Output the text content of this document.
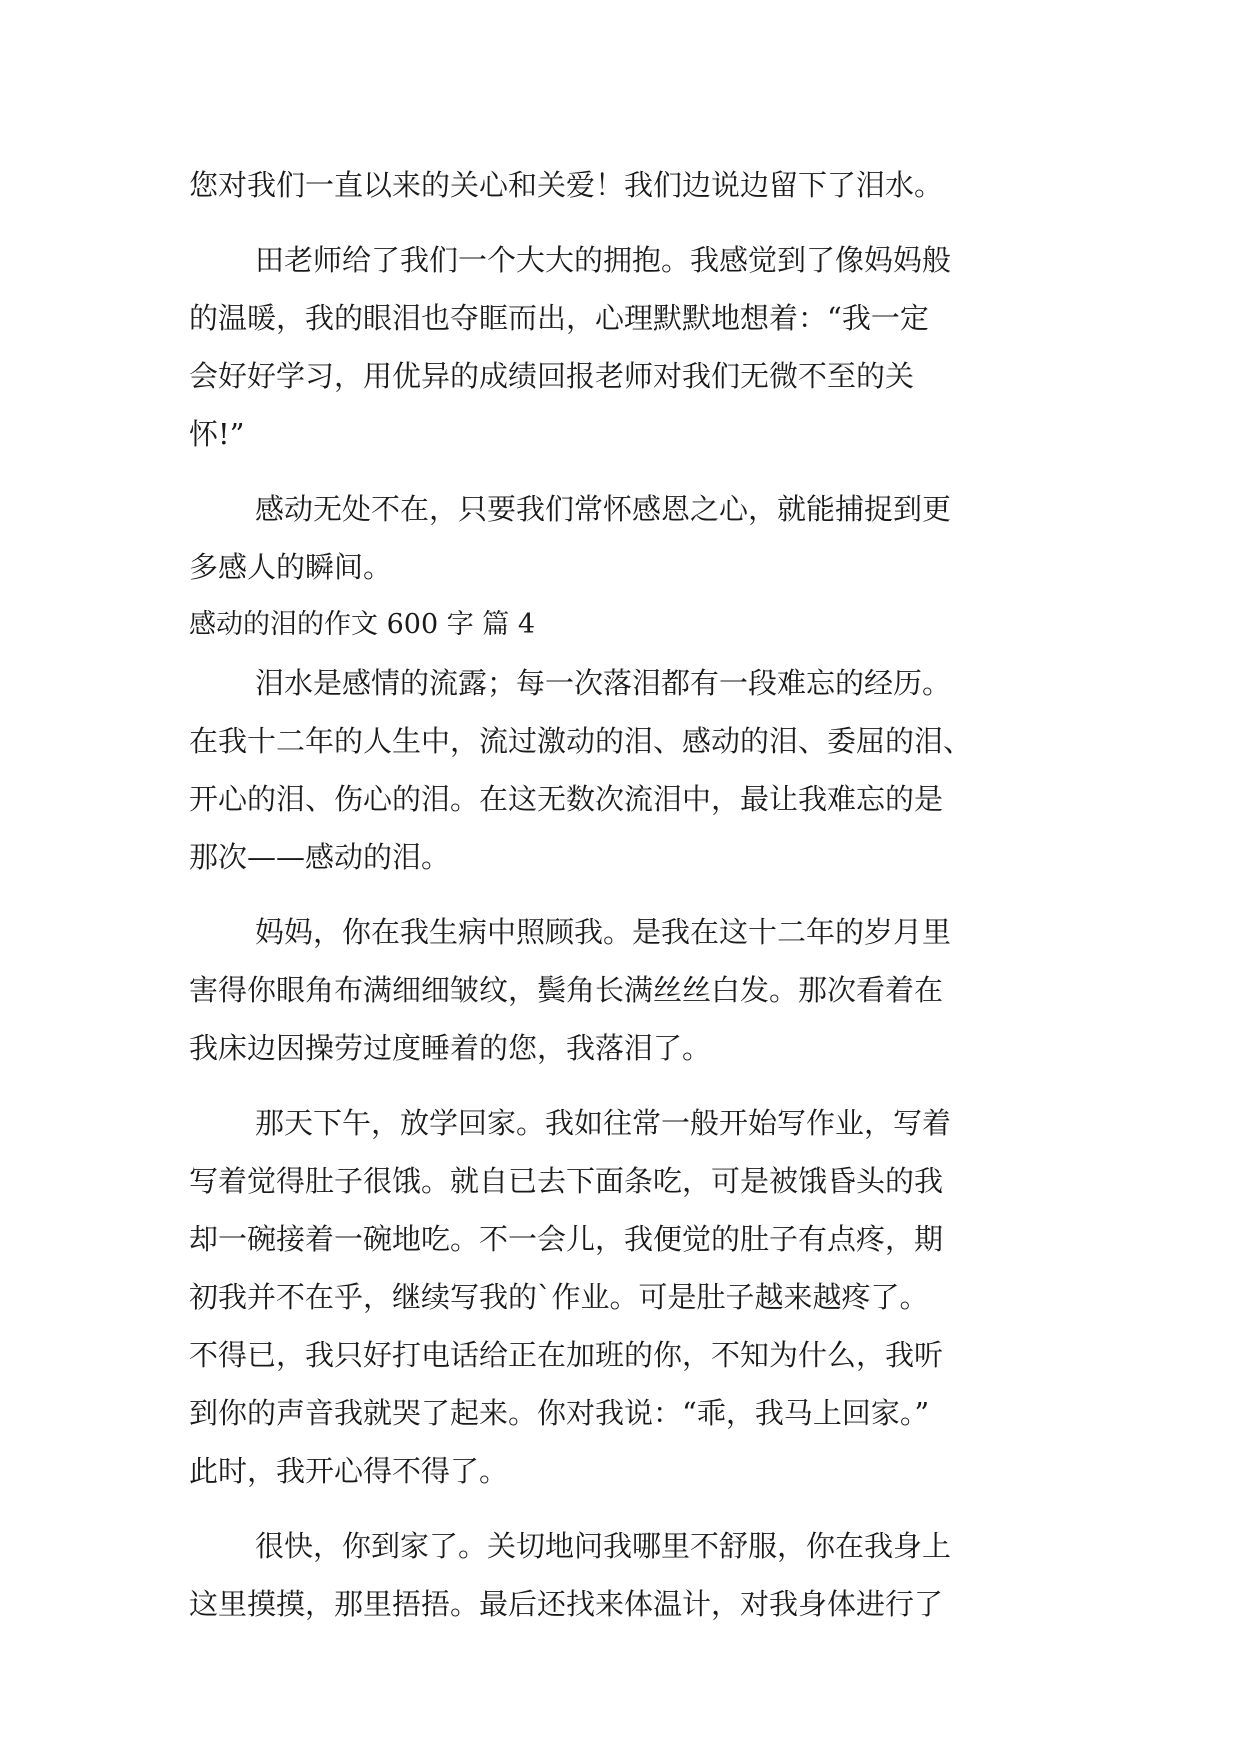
您对我们一直以来的关心和关爱！我们边说边留下了泪水。
田老师给了我们一个大大的拥抱。我感觉到了像妈妈般
的温暖，我的眼泪也夺眶而出，心理默默地想着：“我一定
会好好学习，用优异的成绩回报老师对我们无微不至的关
怀!”
感动无处不在，只要我们常怀感恩之心，就能捕捉到更
多感人的瞬间。
感动的泪的作文 600 字 篇 4
泪水是感情的流露；每一次落泪都有一段难忘的经历。
在我十二年的人生中，流过激动的泪、感动的泪、委屈的泪、
开心的泪、伤心的泪。在这无数次流泪中，最让我难忘的是
那次——感动的泪。
妈妈，你在我生病中照顾我。是我在这十二年的岁月里
害得你眼角布满细细皱纹，鬓角长满丝丝白发。那次看着在
我床边因操劳过度睡着的您，我落泪了。
那天下午，放学回家。我如往常一般开始写作业，写着
写着觉得肚子很饿。就自已去下面条吃，可是被饿昏头的我
却一碗接着一碗地吃。不一会儿，我便觉的肚子有点疼，期
初我并不在乎，继续写我的`作业。可是肚子越来越疼了。
不得已，我只好打电话给正在加班的你，不知为什么，我听
到你的声音我就哭了起来。你对我说：“乖，我马上回家。”
此时，我开心得不得了。
很快，你到家了。关切地问我哪里不舒服，你在我身上
这里摸摸，那里捂捂。最后还找来体温计，对我身体进行了
